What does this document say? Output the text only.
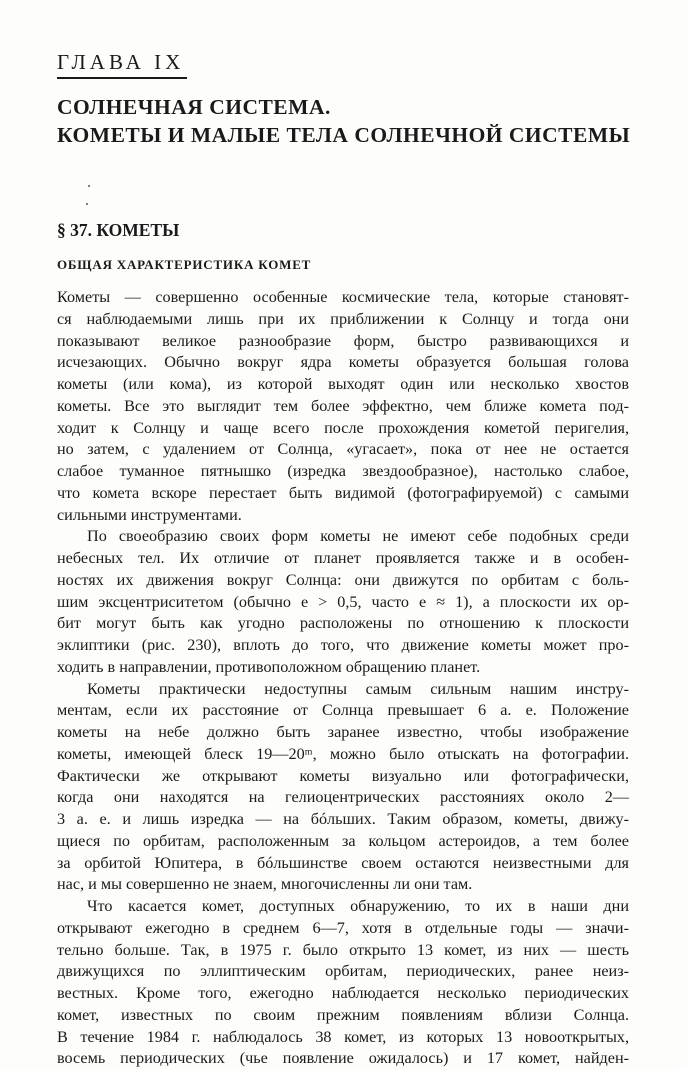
ГЛАВА IX
СОЛНЕЧНАЯ СИСТЕМА.
КОМЕТЫ И МАЛЫЕ ТЕЛА СОЛНЕЧНОЙ СИСТЕМЫ
§ 37. КОМЕТЫ
ОБЩАЯ ХАРАКТЕРИСТИКА КОМЕТ

Кометы — совершенно особенные космические тела, которые становят-
ся наблюдаемыми лишь при их приближении к Солнцу и тогда они
показывают великое разнообразие форм, быстро развивающихся и
исчезающих. Обычно вокруг ядра кометы образуется большая голова
кометы (или кома), из которой выходят один или несколько хвостов
кометы. Все это выглядит тем более эффектно, чем ближе комета под-
ходит к Солнцу и чаще всего после прохождения кометой перигелия,
но затем, с удалением от Солнца, «угасает», пока от нее не остается
слабое туманное пятнышко (изредка звездообразное), настолько слабое,
что комета вскоре перестает быть видимой (фотографируемой) с самыми
сильными инструментами.

По своеобразию своих форм кометы не имеют себе подобных среди
небесных тел. Их отличие от планет проявляется также и в особен-
ностях их движения вокруг Солнца: они движутся по орбитам с боль-
шим эксцентриситетом (обычно e > 0,5, часто e ≈ 1), а плоскости их ор-
бит могут быть как угодно расположены по отношению к плоскости
эклиптики (рис. 230), вплоть до того, что движение кометы может про-
ходить в направлении, противоположном обращению планет.

Кометы практически недоступны самым сильным нашим инстру-
ментам, если их расстояние от Солнца превышает 6 а. е. Положение
кометы на небе должно быть заранее известно, чтобы изображение
кометы, имеющей блеск 19—20ᵐ, можно было отыскать на фотографии.
Фактически же открывают кометы визуально или фотографически,
когда они находятся на гелиоцентрических расстояниях около 2—
3 а. е. и лишь изредка — на бóльших. Таким образом, кометы, движу-
щиеся по орбитам, расположенным за кольцом астероидов, а тем более
за орбитой Юпитера, в бóльшинстве своем остаются неизвестными для
нас, и мы совершенно не знаем, многочисленны ли они там.

Что касается комет, доступных обнаружению, то их в наши дни
открывают ежегодно в среднем 6—7, хотя в отдельные годы — значи-
тельно больше. Так, в 1975 г. было открыто 13 комет, из них — шесть
движущихся по эллиптическим орбитам, периодических, ранее неиз-
вестных. Кроме того, ежегодно наблюдается несколько периодических
комет, известных по своим прежним появлениям вблизи Солнца.
В течение 1984 г. наблюдалось 38 комет, из которых 13 новооткрытых,
восемь периодических (чье появление ожидалось) и 17 комет, найден-
